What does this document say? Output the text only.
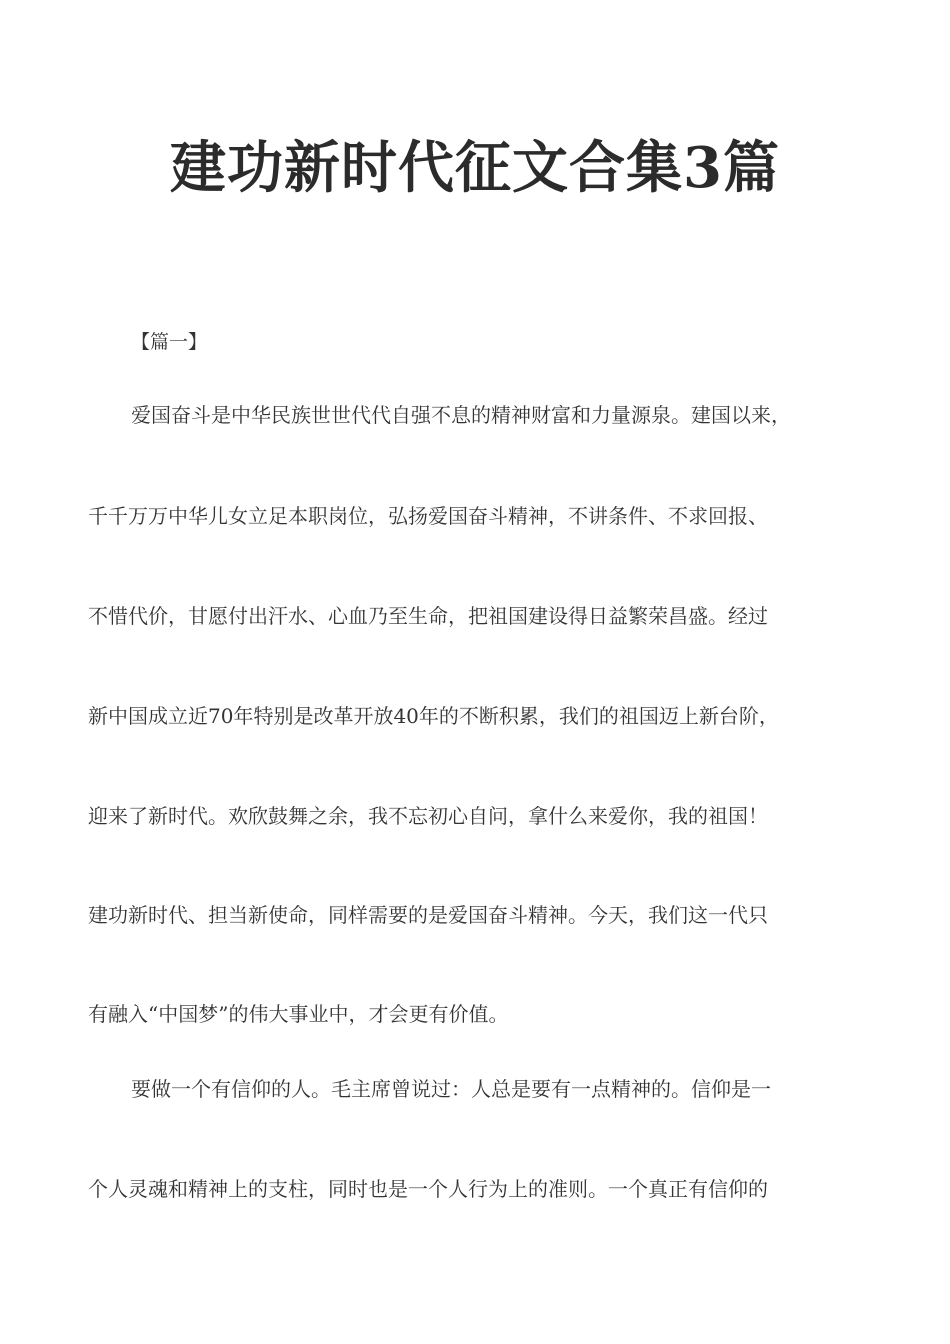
建功新时代征文合集3篇

【篇一】

爱国奋斗是中华民族世世代代自强不息的精神财富和力量源泉。建国以来，

千千万万中华儿女立足本职岗位，弘扬爱国奋斗精神，不讲条件、不求回报、

不惜代价，甘愿付出汗水、心血乃至生命，把祖国建设得日益繁荣昌盛。经过

新中国成立近70年特别是改革开放40年的不断积累，我们的祖国迈上新台阶，

迎来了新时代。欢欣鼓舞之余，我不忘初心自问，拿什么来爱你，我的祖国！

建功新时代、担当新使命，同样需要的是爱国奋斗精神。今天，我们这一代只

有融入“中国梦”的伟大事业中，才会更有价值。

要做一个有信仰的人。毛主席曾说过：人总是要有一点精神的。信仰是一

个人灵魂和精神上的支柱，同时也是一个人行为上的准则。一个真正有信仰的
